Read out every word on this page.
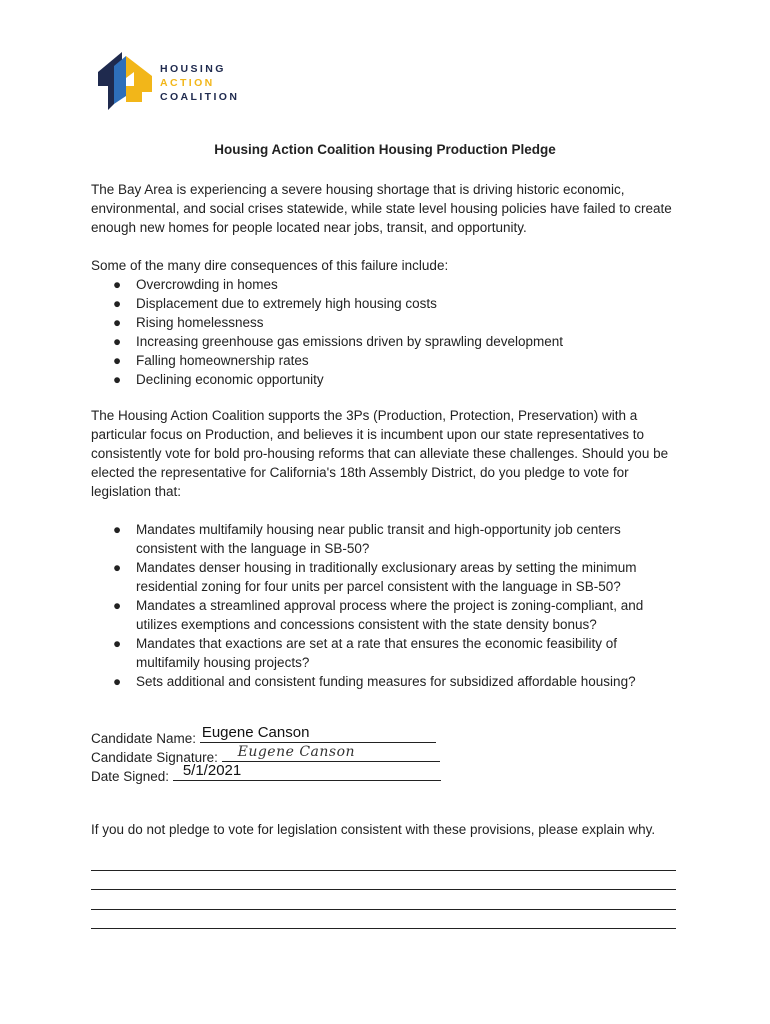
HOUSING
ACTION
COALITION
Housing Action Coalition Housing Production Pledge

The Bay Area is experiencing a severe housing shortage that is driving historic economic, environmental, and social crises statewide, while state level housing policies have failed to create enough new homes for people located near jobs, transit, and opportunity.

Some of the many dire consequences of this failure include:

● Overcrowding in homes
● Displacement due to extremely high housing costs
● Rising homelessness
● Increasing greenhouse gas emissions driven by sprawling development
● Falling homeownership rates
● Declining economic opportunity

The Housing Action Coalition supports the 3Ps (Production, Protection, Preservation) with a particular focus on Production, and believes it is incumbent upon our state representatives to consistently vote for bold pro-housing reforms that can alleviate these challenges. Should you be elected the representative for California's 18th Assembly District, do you pledge to vote for legislation that:

● Mandates multifamily housing near public transit and high-opportunity job centers consistent with the language in SB-50?
● Mandates denser housing in traditionally exclusionary areas by setting the minimum residential zoning for four units per parcel consistent with the language in SB-50?
● Mandates a streamlined approval process where the project is zoning-compliant, and utilizes exemptions and concessions consistent with the state density bonus?
● Mandates that exactions are set at a rate that ensures the economic feasibility of multifamily housing projects?
● Sets additional and consistent funding measures for subsidized affordable housing?
Candidate Name: Eugene Canson
Candidate Signature: Eugene Canson
Date Signed: 5/1/2021

If you do not pledge to vote for legislation consistent with these provisions, please explain why.
